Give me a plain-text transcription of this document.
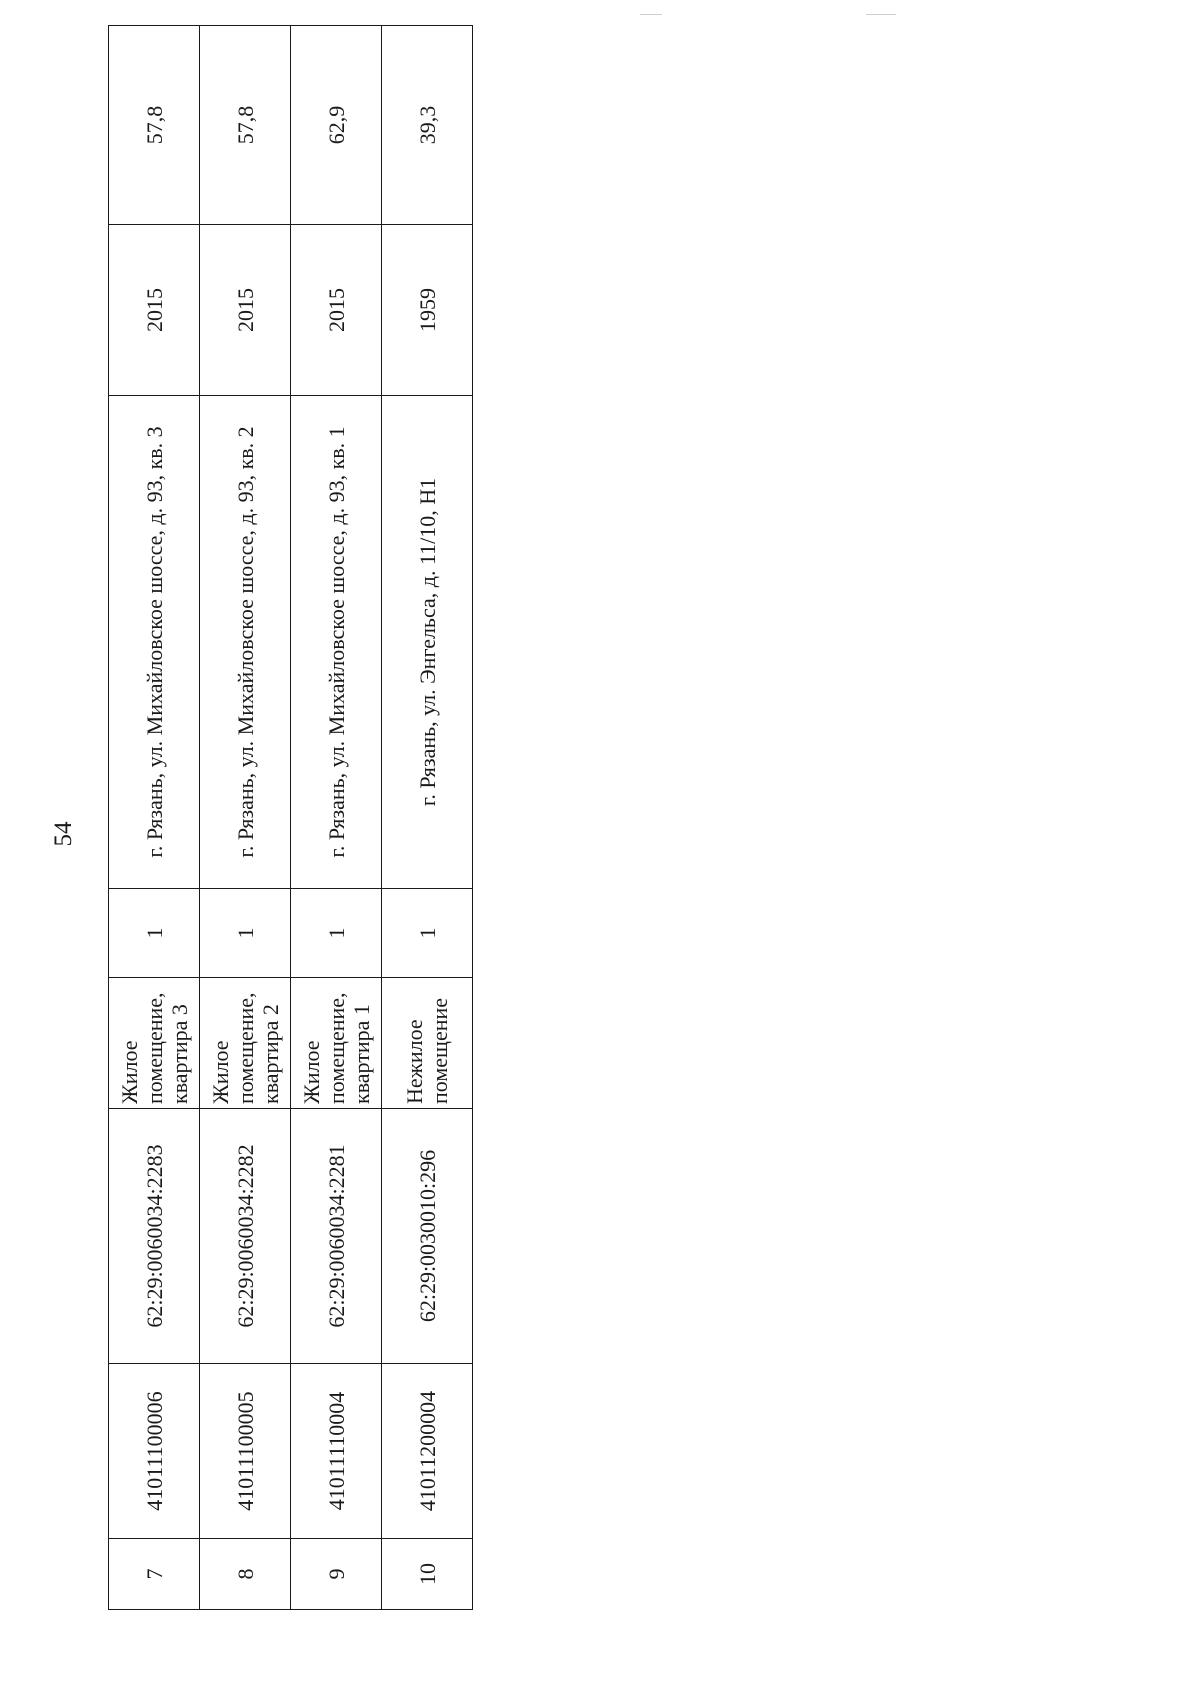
54
7	41011100006	62:29:0060034:2283	Жилое помещение, квартира 3	1	г. Рязань, ул. Михайловское шоссе, д. 93, кв. 3	2015	57,8
8	41011100005	62:29:0060034:2282	Жилое помещение, квартира 2	1	г. Рязань, ул. Михайловское шоссе, д. 93, кв. 2	2015	57,8
9	41011110004	62:29:0060034:2281	Жилое помещение, квартира 1	1	г. Рязань, ул. Михайловское шоссе, д. 93, кв. 1	2015	62,9
10	41011200004	62:29:0030010:296	Нежилое помещение	1	г. Рязань, ул. Энгельса, д. 11/10, Н1	1959	39,3
